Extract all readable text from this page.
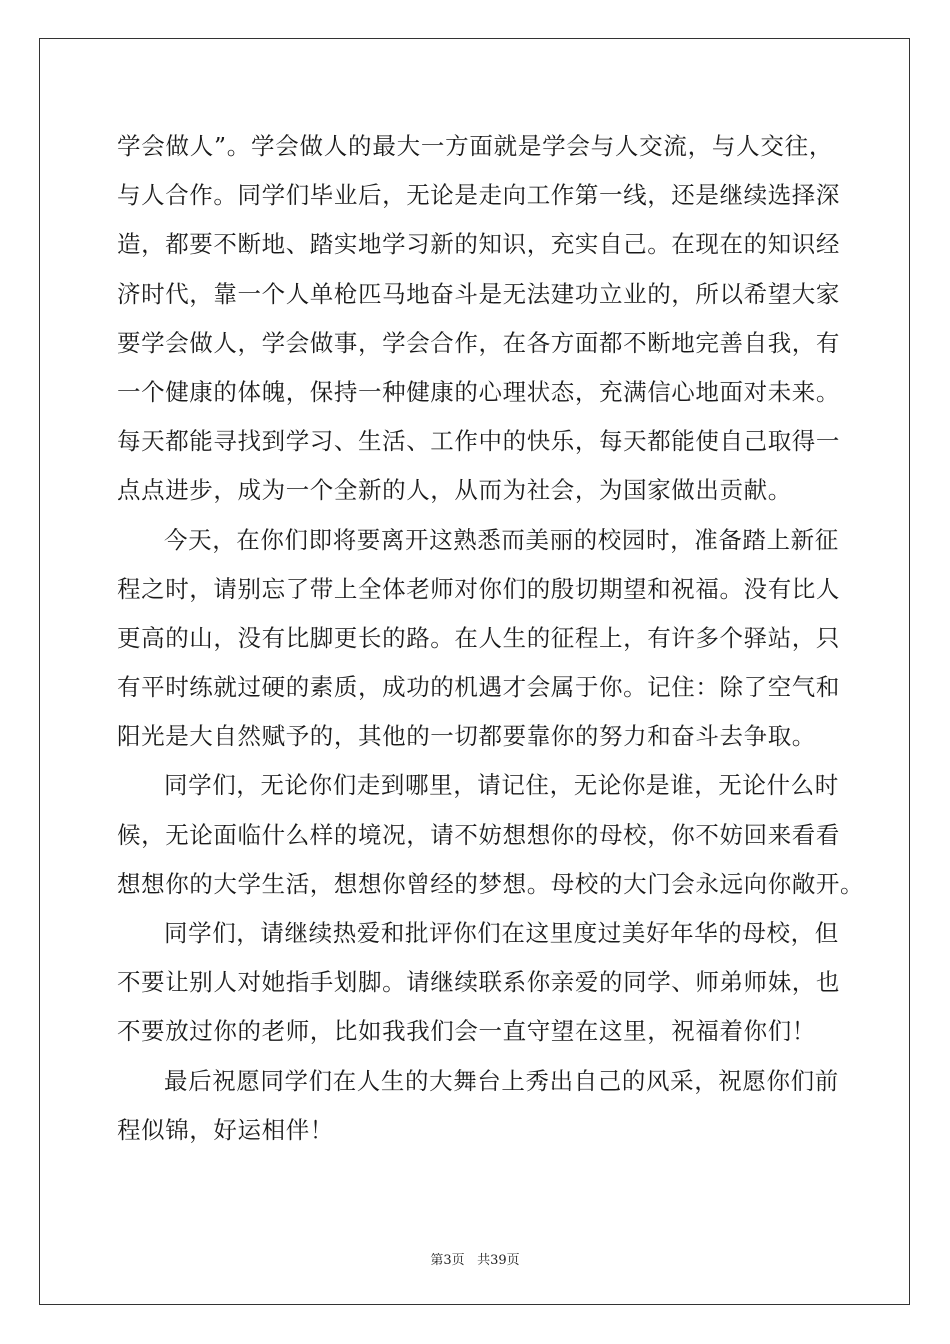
学会做人”。学会做人的最大一方面就是学会与人交流，与人交往，
与人合作。同学们毕业后，无论是走向工作第一线，还是继续选择深
造，都要不断地、踏实地学习新的知识，充实自己。在现在的知识经
济时代，靠一个人单枪匹马地奋斗是无法建功立业的，所以希望大家
要学会做人，学会做事，学会合作，在各方面都不断地完善自我，有
一个健康的体魄，保持一种健康的心理状态，充满信心地面对未来。
每天都能寻找到学习、生活、工作中的快乐，每天都能使自己取得一
点点进步，成为一个全新的人，从而为社会，为国家做出贡献。
今天，在你们即将要离开这熟悉而美丽的校园时，准备踏上新征
程之时，请别忘了带上全体老师对你们的殷切期望和祝福。没有比人
更高的山，没有比脚更长的路。在人生的征程上，有许多个驿站，只
有平时练就过硬的素质，成功的机遇才会属于你。记住：除了空气和
阳光是大自然赋予的，其他的一切都要靠你的努力和奋斗去争取。
同学们，无论你们走到哪里，请记住，无论你是谁，无论什么时
候，无论面临什么样的境况，请不妨想想你的母校，你不妨回来看看
想想你的大学生活，想想你曾经的梦想。母校的大门会永远向你敞开。
同学们，请继续热爱和批评你们在这里度过美好年华的母校，但
不要让别人对她指手划脚。请继续联系你亲爱的同学、师弟师妹，也
不要放过你的老师，比如我我们会一直守望在这里，祝福着你们！
最后祝愿同学们在人生的大舞台上秀出自己的风采，祝愿你们前
程似锦，好运相伴！
第3页 共39页
